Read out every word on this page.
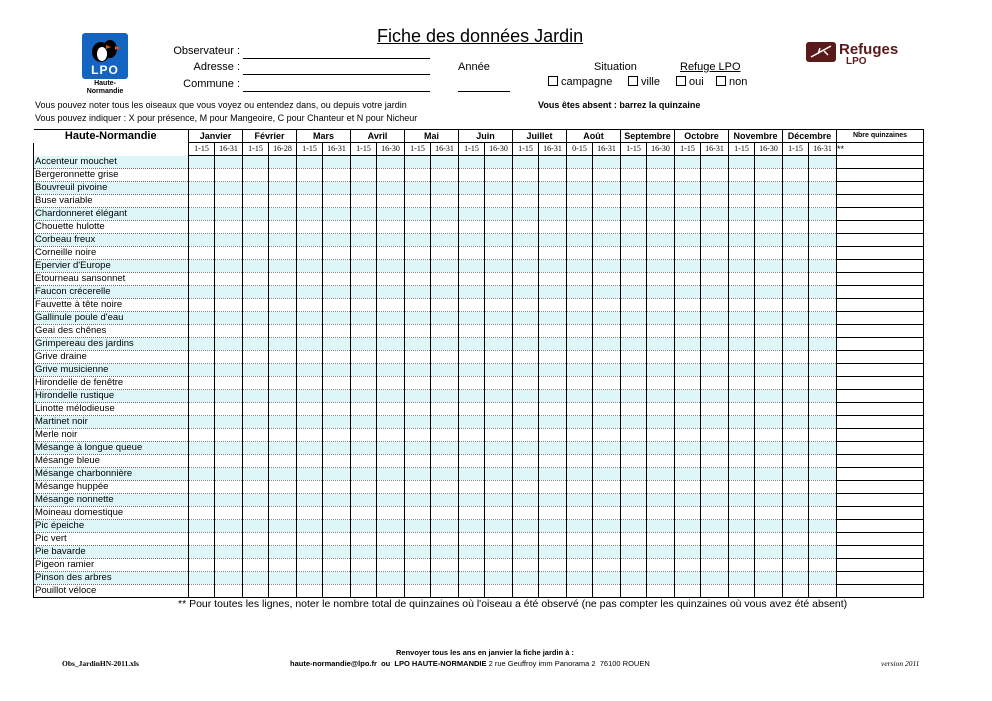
Fiche des données Jardin
LPO
Haute-
Normandie
Observateur :
Adresse :
Commune :
Année	Situation	Refuge LPO
campagne	ville	oui	non
Vous pouvez noter tous les oiseaux que vous voyez ou entendez dans, ou depuis votre jardin
Vous pouvez indiquer : X pour présence, M pour Mangeoire, C pour Chanteur et N pour Nicheur
Vous êtes absent : barrez la quinzaine
Refuges
LPO
Haute-Normandie	Janvier		Février		Mars		Avril		Mai		Juin		Juillet		Août		Septembre		Octobre		Novembre		Décembre		Nbre quinzaines
	1-15	16-31	1-15	16-28	1-15	16-31	1-15	16-30	1-15	16-31	1-15	16-30	1-15	16-31	0-15	16-31	1-15	16-30	1-15	16-31	1-15	16-30	1-15	16-31	**
Accenteur mouchet																									
Bergeronnette grise																									
Bouvreuil pivoine																									
Buse variable																									
Chardonneret élégant																									
Chouette hulotte																									
Corbeau freux																									
Corneille noire																									
Epervier d'Europe																									
Etourneau sansonnet																									
Faucon crécerelle																									
Fauvette à tête noire																									
Gallinule poule d'eau																									
Geai des chênes																									
Grimpereau des jardins																									
Grive draine																									
Grive musicienne																									
Hirondelle de fenêtre																									
Hirondelle rustique																									
Linotte mélodieuse																									
Martinet noir																									
Merle noir																									
Mésange à longue queue																									
Mésange bleue																									
Mésange charbonnière																									
Mésange huppée																									
Mésange nonnette																									
Moineau domestique																									
Pic épeiche																									
Pic vert																									
Pie bavarde																									
Pigeon ramier																									
Pinson des arbres																									
Pouillot véloce																									
** Pour toutes les lignes, noter le nombre total de quinzaines où l'oiseau a été observé (ne pas compter les quinzaines où vous avez été absent)
Renvoyer tous les ans en janvier la fiche jardin à :
haute-normandie@lpo.fr  ou  LPO HAUTE-NORMANDIE 2 rue Geuffroy imm Panorama 2  76100 ROUEN
Obs_JardinHN-2011.xls	version 2011
